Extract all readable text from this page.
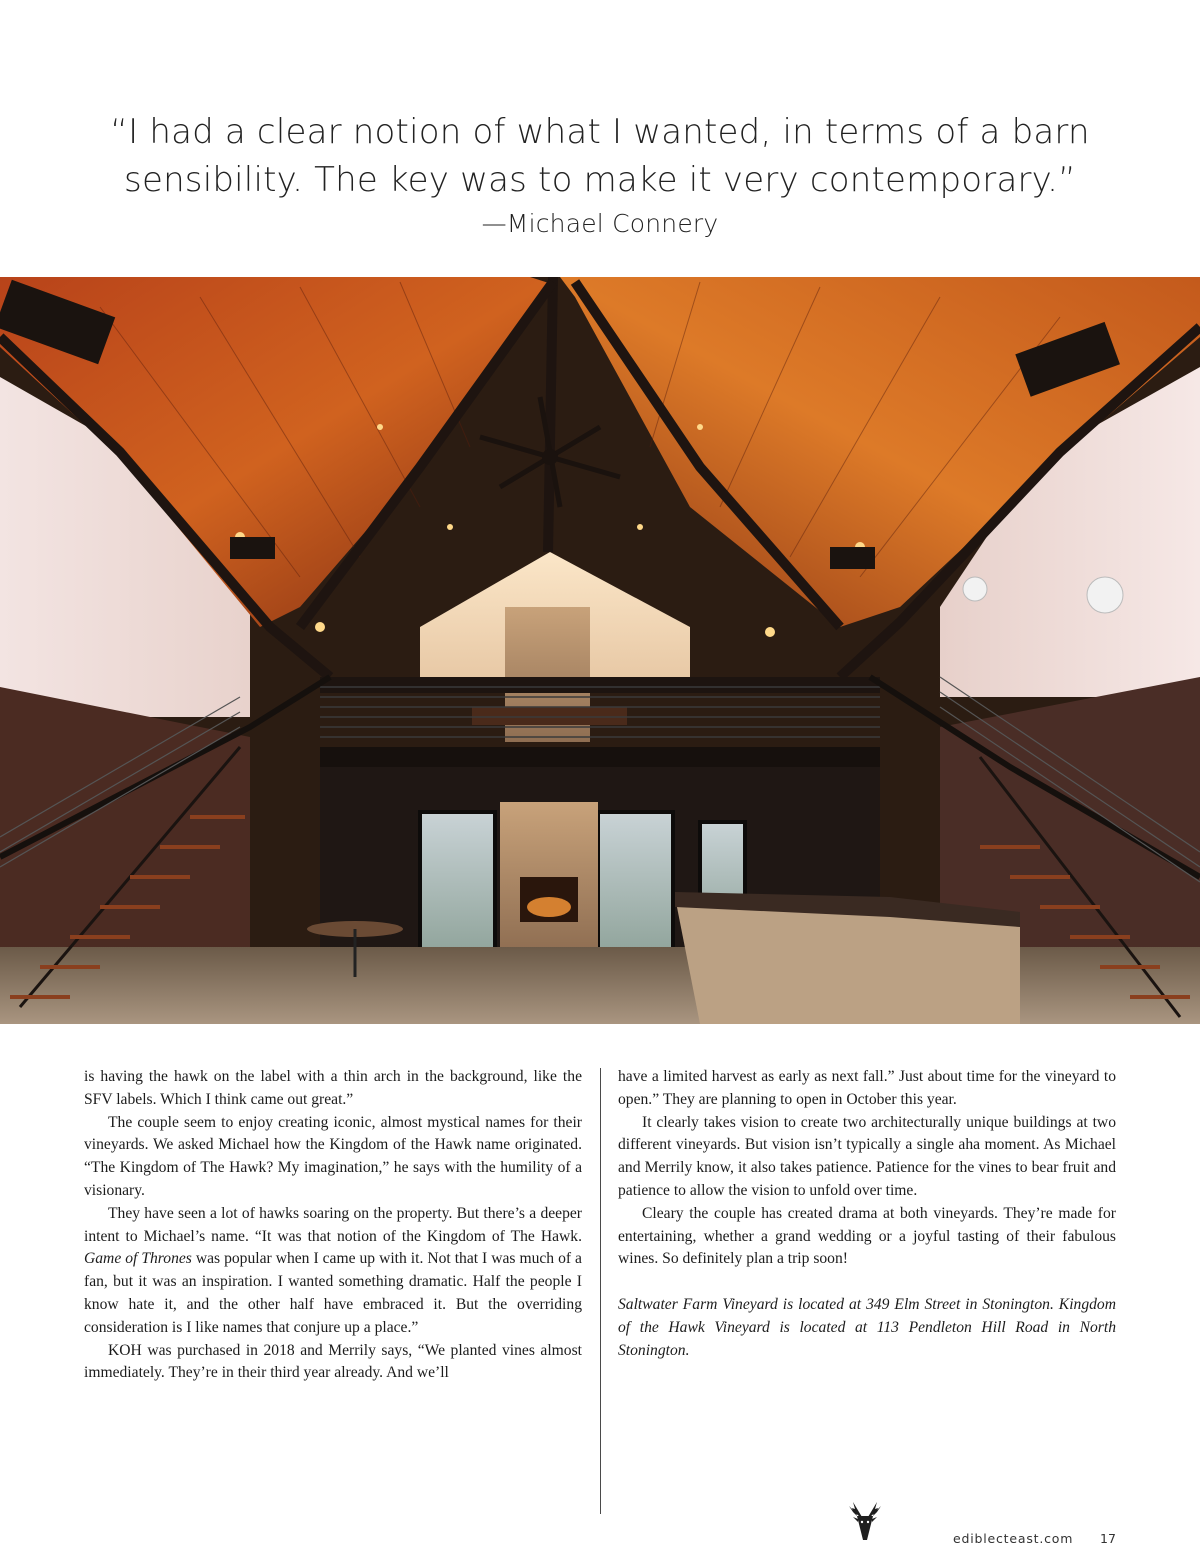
“I had a clear notion of what I wanted, in terms of a barn
sensibility. The key was to make it very contemporary.”
—Michael Connery

is having the hawk on the label with a thin arch in the background, like the SFV labels. Which I think came out great.”

The couple seem to enjoy creating iconic, almost mystical names for their vineyards. We asked Michael how the Kingdom of the Hawk name originated. “The Kingdom of The Hawk? My imagination,” he says with the humility of a visionary.

They have seen a lot of hawks soaring on the property. But there’s a deeper intent to Michael’s name. “It was that notion of the Kingdom of The Hawk. Game of Thrones was popular when I came up with it. Not that I was much of a fan, but it was an inspiration. I wanted something dramatic. Half the people I know hate it, and the other half have embraced it. But the overriding consideration is I like names that conjure up a place.”

KOH was purchased in 2018 and Merrily says, “We planted vines almost immediately. They’re in their third year already. And we’ll

have a limited harvest as early as next fall.” Just about time for the vineyard to open.” They are planning to open in October this year.

It clearly takes vision to create two architecturally unique buildings at two different vineyards. But vision isn’t typically a single aha moment. As Michael and Merrily know, it also takes patience. Patience for the vines to bear fruit and patience to allow the vision to unfold over time.

Cleary the couple has created drama at both vineyards. They’re made for entertaining, whether a grand wedding or a joyful tasting of their fabulous wines. So definitely plan a trip soon!

Saltwater Farm Vineyard is located at 349 Elm Street in Stonington. Kingdom of the Hawk Vineyard is located at 113 Pendleton Hill Road in North Stonington.

ediblecteast.com 17
